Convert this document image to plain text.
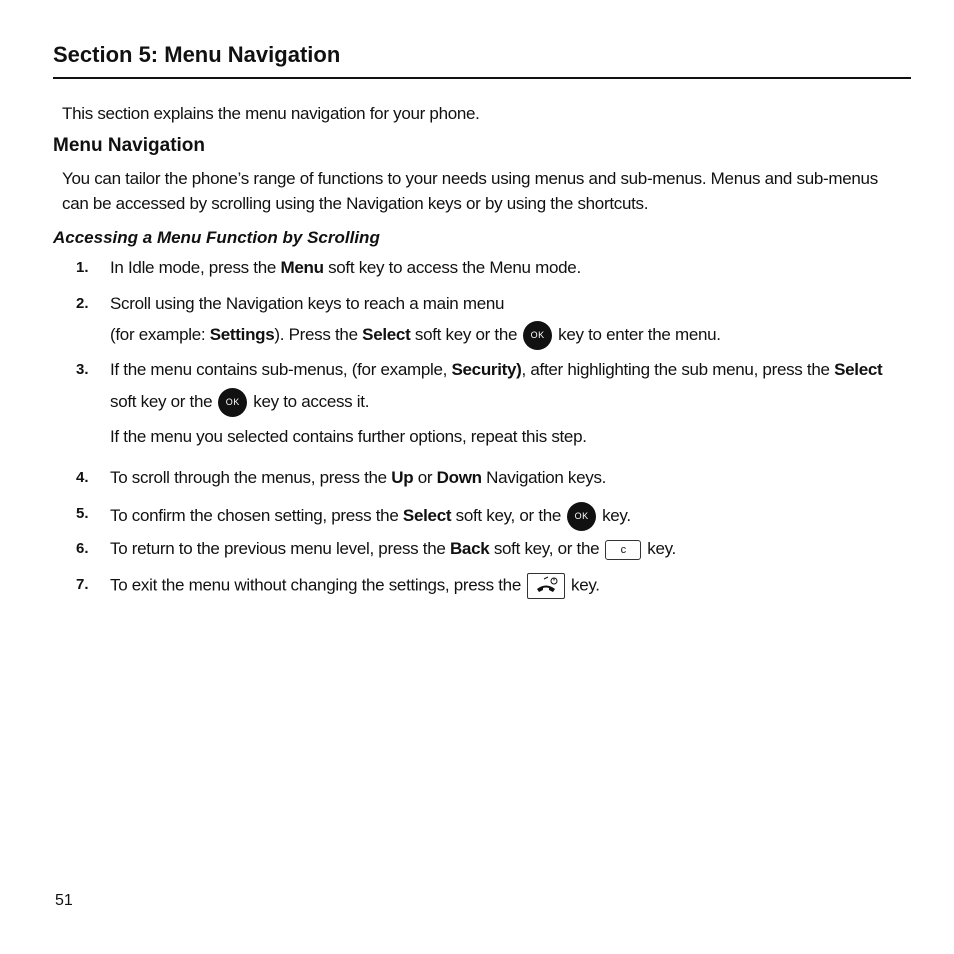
Section 5: Menu Navigation

This section explains the menu navigation for your phone.

Menu Navigation

You can tailor the phone’s range of functions to your needs using menus and sub-menus. Menus and sub-menus

can be accessed by scrolling using the Navigation keys or by using the shortcuts.

Accessing a Menu Function by Scrolling
1. In Idle mode, press the Menu soft key to access the Menu mode.
2. Scroll using the Navigation keys to reach a main menu
(for example: Settings). Press the Select soft key or the OK key to enter the menu.
3. If the menu contains sub-menus, (for example, Security), after highlighting the sub menu, press the Select
soft key or the OK key to access it.
If the menu you selected contains further options, repeat this step.
4. To scroll through the menus, press the Up or Down Navigation keys.
5. To confirm the chosen setting, press the Select soft key, or the OK key.
6. To return to the previous menu level, press the Back soft key, or the c key.
7. To exit the menu without changing the settings, press the	key.
51
